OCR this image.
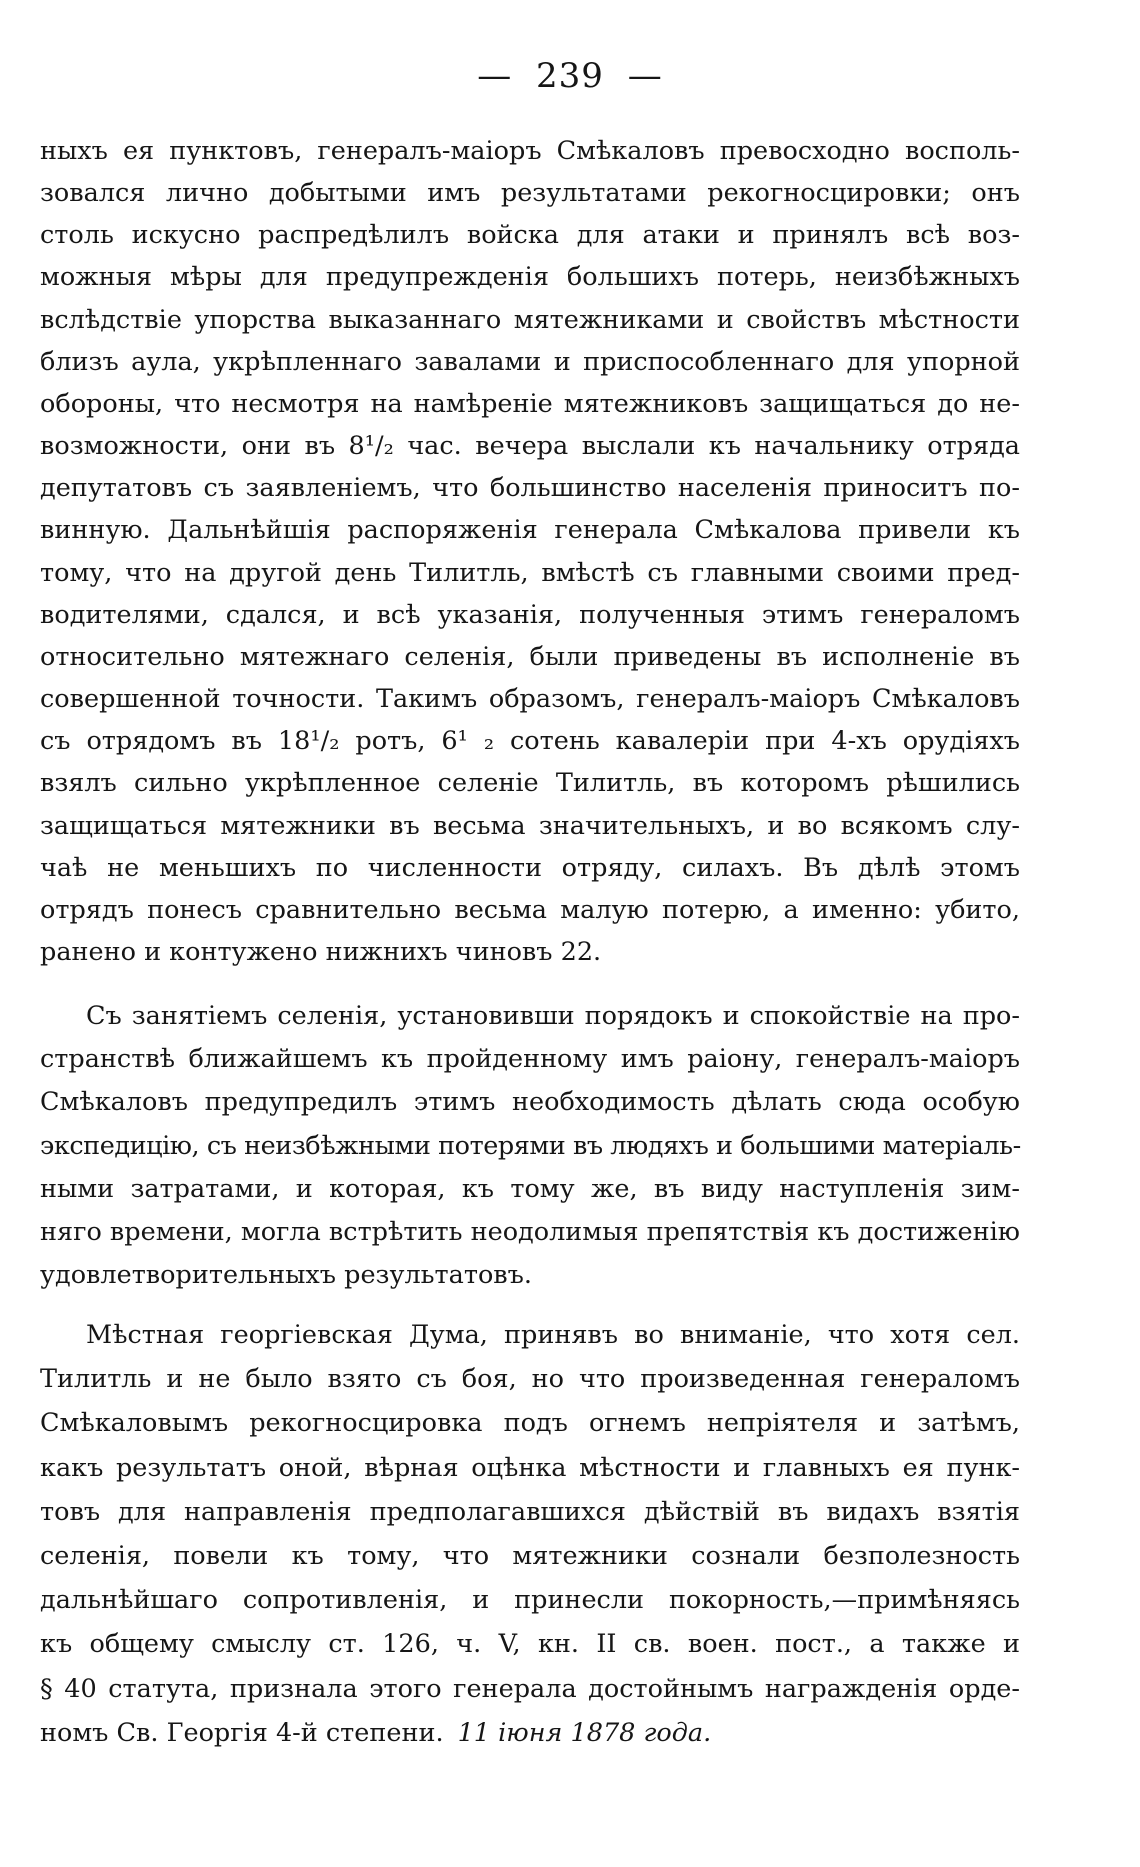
— 239 —

ныхъ ея пунктовъ, генералъ-маіоръ Смѣкаловъ превосходно восполь-
зовался лично добытыми имъ результатами рекогносцировки; онъ
столь искусно распредѣлилъ войска для атаки и принялъ всѣ воз-
можныя мѣры для предупрежденія большихъ потерь, неизбѣжныхъ
вслѣдствіе упорства выказаннаго мятежниками и свойствъ мѣстности
близъ аула, укрѣпленнаго завалами и приспособленнаго для упорной
обороны, что несмотря на намѣреніе мятежниковъ защищаться до не-
возможности, они въ 8¹/₂ час. вечера выслали къ начальнику отряда
депутатовъ съ заявленіемъ, что большинство населенія приноситъ по-
винную. Дальнѣйшія распоряженія генерала Смѣкалова привели къ
тому, что на другой день Тилитль, вмѣстѣ съ главными своими пред-
водителями, сдался, и всѣ указанія, полученныя этимъ генераломъ
относительно мятежнаго селенія, были приведены въ исполненіе въ
совершенной точности. Такимъ образомъ, генералъ-маіоръ Смѣкаловъ
съ отрядомъ въ 18¹/₂ ротъ, 6¹ ₂ сотень кавалеріи при 4-хъ орудіяхъ
взялъ сильно укрѣпленное селеніе Тилитль, въ которомъ рѣшились
защищаться мятежники въ весьма значительныхъ, и во всякомъ слу-
чаѣ не меньшихъ по численности отряду, силахъ. Въ дѣлѣ этомъ
отрядъ понесъ сравнительно весьма малую потерю, а именно: убито,
ранено и контужено нижнихъ чиновъ 22.

Съ занятіемъ селенія, установивши порядокъ и спокойствіе на про-
странствѣ ближайшемъ къ пройденному имъ раіону, генералъ-маіоръ
Смѣкаловъ предупредилъ этимъ необходимость дѣлать сюда особую
экспедицію, съ неизбѣжными потерями въ людяхъ и большими матеріаль-
ными затратами, и которая, къ тому же, въ виду наступленія зим-
няго времени, могла встрѣтить неодолимыя препятствія къ достиженію
удовлетворительныхъ результатовъ.

Мѣстная георгіевская Дума, принявъ во вниманіе, что хотя сел.
Тилитль и не было взято съ боя, но что произведенная генераломъ
Смѣкаловымъ рекогносцировка подъ огнемъ непріятеля и затѣмъ,
какъ результатъ оной, вѣрная оцѣнка мѣстности и главныхъ ея пунк-
товъ для направленія предполагавшихся дѣйствій въ видахъ взятія
селенія, повели къ тому, что мятежники сознали безполезность
дальнѣйшаго сопротивленія, и принесли покорность,—примѣняясь
къ общему смыслу ст. 126, ч. V, кн. II св. воен. пост., а также и
§ 40 статута, признала этого генерала достойнымъ награжденія орде-
номъ Св. Георгія 4-й степени. 11 іюня 1878 года.
